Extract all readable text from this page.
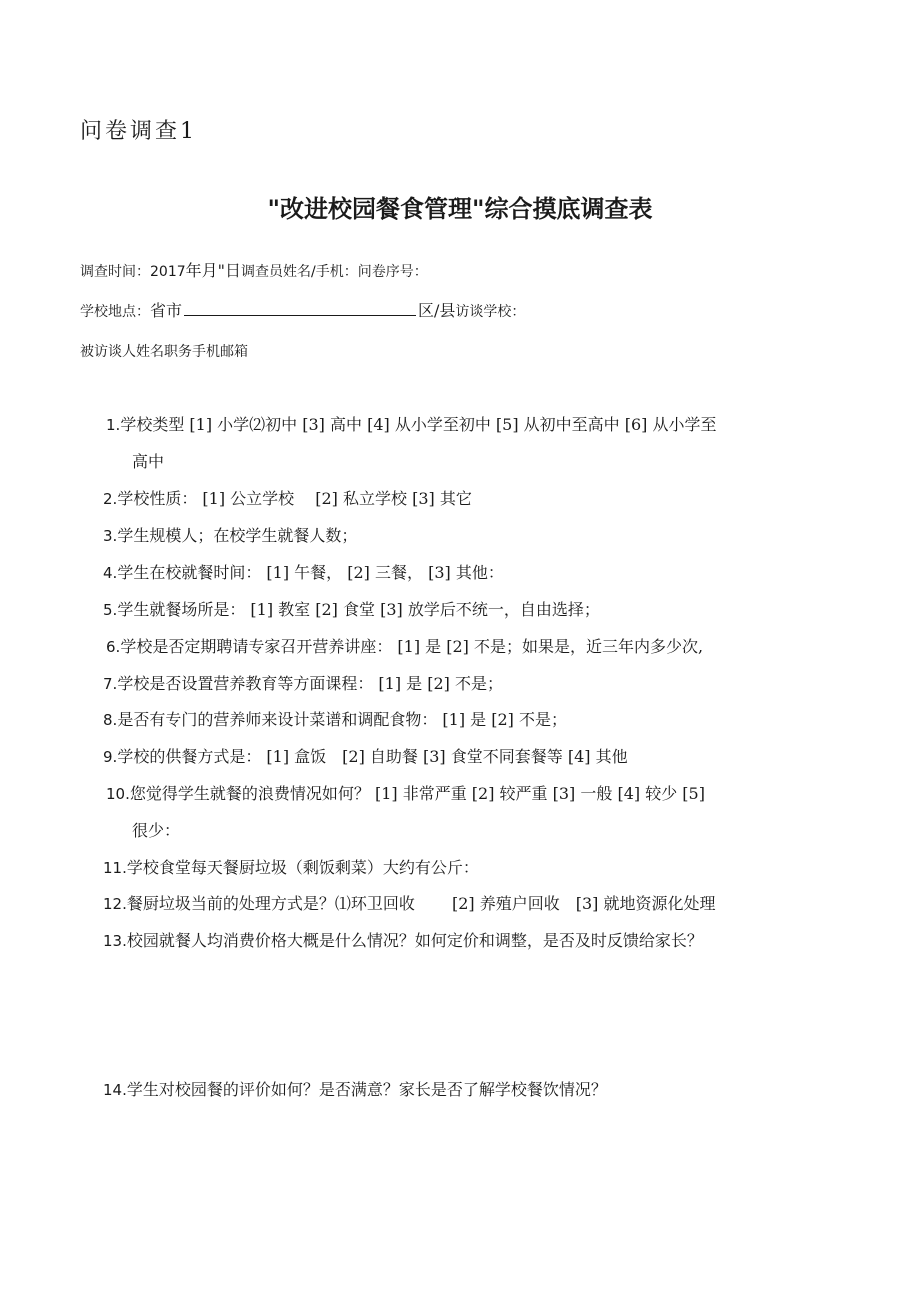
问卷调查1
"改进校园餐食管理"综合摸底调查表
调查时间：2017年月"日调查员姓名/手机：问卷序号：
学校地点：省市	区/县访谈学校：
被访谈人姓名职务手机邮箱
1.学校类型 [1] 小学⑵初中 [3] 高中 [4] 从小学至初中 [5] 从初中至高中 [6] 从小学至
高中
2.学校性质： [1] 公立学校　 [2] 私立学校 [3] 其它
3.学生规模人；在校学生就餐人数；
4.学生在校就餐时间： [1] 午餐， [2] 三餐， [3] 其他：
5.学生就餐场所是： [1] 教室 [2] 食堂 [3] 放学后不统一，自由选择；
6.学校是否定期聘请专家召开营养讲座： [1] 是 [2] 不是；如果是，近三年内多少次,
7.学校是否设置营养教育等方面课程： [1] 是 [2] 不是；
8.是否有专门的营养师来设计菜谱和调配食物： [1] 是 [2] 不是；
9.学校的供餐方式是： [1] 盒饭　[2] 自助餐 [3] 食堂不同套餐等 [4] 其他
10.您觉得学生就餐的浪费情况如何？ [1] 非常严重 [2] 较严重 [3] 一般 [4] 较少 [5]
很少：
11.学校食堂每天餐厨垃圾（剩饭剩菜）大约有公斤：
12.餐厨垃圾当前的处理方式是？⑴环卫回收　　 [2] 养殖户回收　[3] 就地资源化处理
13.校园就餐人均消费价格大概是什么情况？如何定价和调整，是否及时反馈给家长？
14.学生对校园餐的评价如何？是否满意？家长是否了解学校餐饮情况？
